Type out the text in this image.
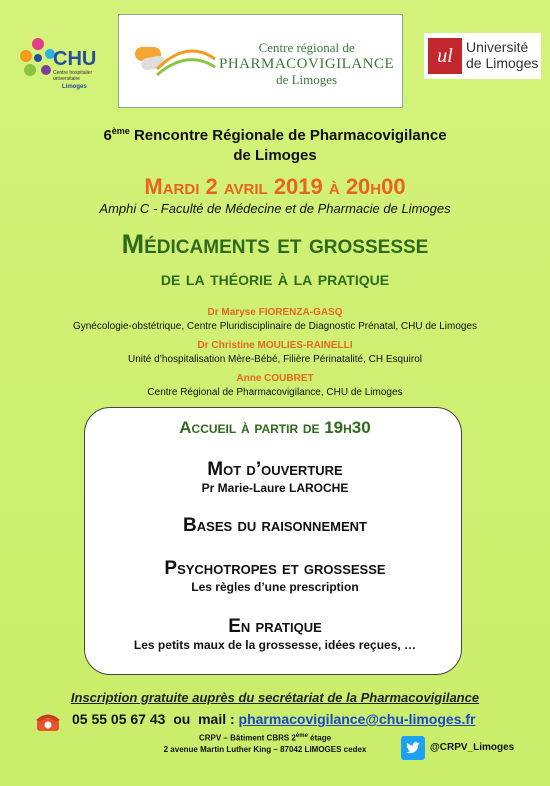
CHU
Centre hospitalier universitaire
Limoges
Centre régional de
PHARMACOVIGILANCE
de Limoges
ul Université
de Limoges
6ème Rencontre Régionale de Pharmacovigilance
de Limoges
Mardi 2 avril 2019 à 20h00
Amphi C - Faculté de Médecine et de Pharmacie de Limoges
Médicaments et grossesse
de la théorie à la pratique
Dr Maryse FIORENZA-GASQ
Gynécologie-obstétrique, Centre Pluridisciplinaire de Diagnostic Prénatal, CHU de Limoges
Dr Christine MOULIES-RAINELLI
Unité d’hospitalisation Mère-Bébé, Filière Périnatalité, CH Esquirol
Anne COUBRET
Centre Régional de Pharmacovigilance, CHU de Limoges
Accueil à partir de 19h30
Mot d’ouverture
Pr Marie-Laure LAROCHE
Bases du raisonnement
Psychotropes et grossesse
Les règles d’une prescription
En pratique
Les petits maux de la grossesse, idées reçues, …
Inscription gratuite auprès du secrétariat de la Pharmacovigilance
05 55 05 67 43  ou  mail : pharmacovigilance@chu-limoges.fr
CRPV – Bâtiment CBRS 2ème étage
2 avenue Martin Luther King – 87042 LIMOGES cedex	@CRPV_Limoges
